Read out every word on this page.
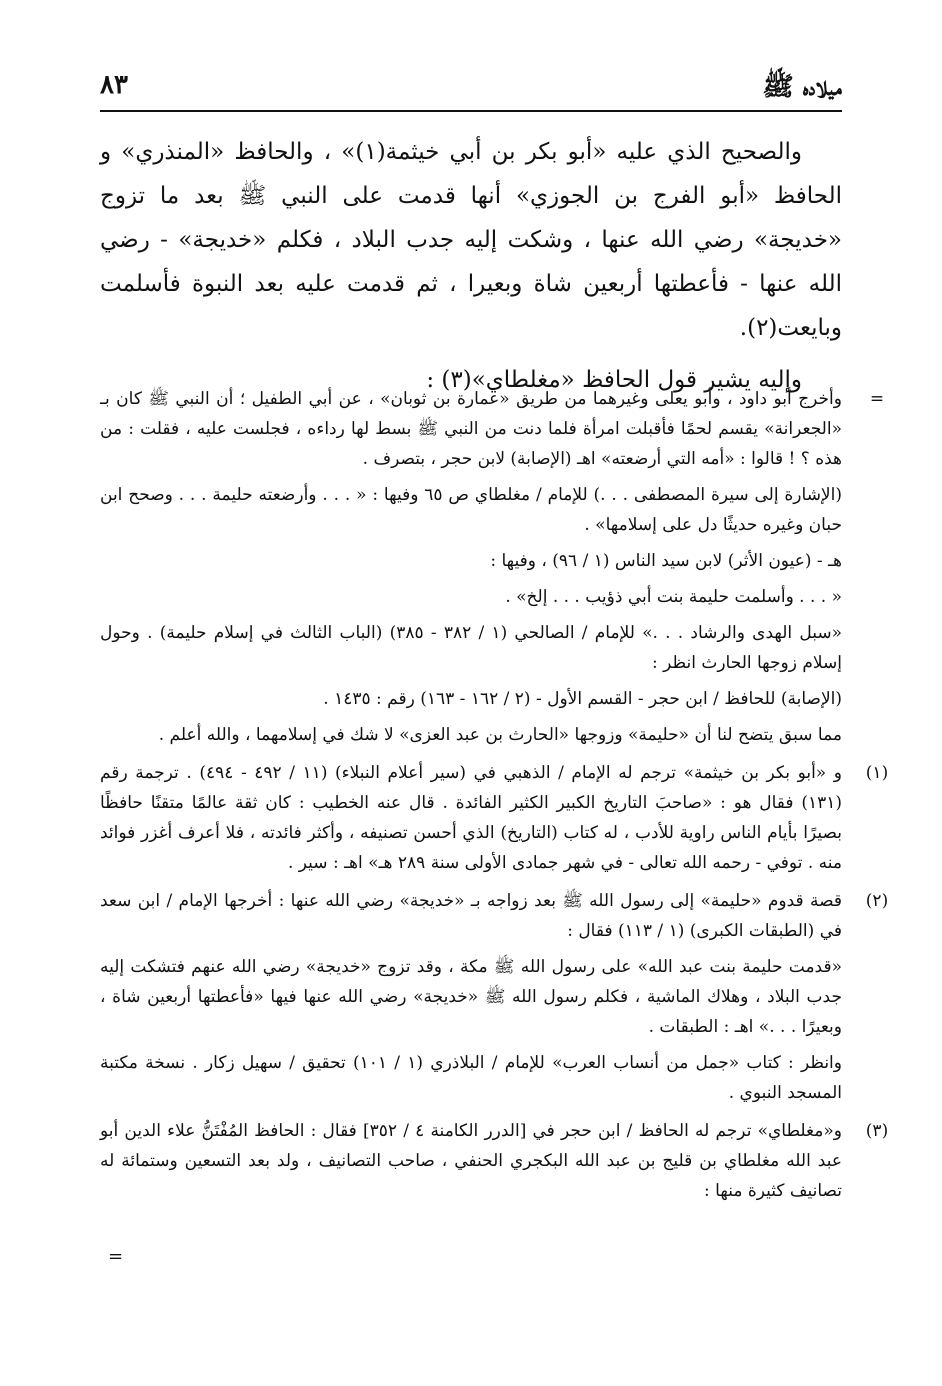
ميلاده ﷺ
٨٣

والصحيح الذي عليه «أبو بكر بن أبي خيثمة(١)» ، والحافظ «المنذري» و الحافظ «أبو الفرج بن الجوزي» أنها قدمت على النبي ﷺ بعد ما تزوج «خديجة» رضي الله عنها ، وشكت إليه جدب البلاد ، فكلم «خديجة» - رضي الله عنها - فأعطتها أربعين شاة وبعيرا ، ثم قدمت عليه بعد النبوة فأسلمت وبايعت(٢).

وإليه يشير قول الحافظ «مغلطاي»(٣) :

=

وأخرج أبو داود ، وأبو يعلى وغيرهما من طريق «عمارة بن ثوبان» ، عن أبي الطفيل ؛ أن النبي ﷺ كان بـ «الجعرانة» يقسم لحمًا فأقبلت امرأة فلما دنت من النبي ﷺ بسط لها رداءه ، فجلست عليه ، فقلت : من هذه ؟ ! قالوا : «أمه التي أرضعته» اهـ (الإصابة) لابن حجر ، بتصرف .

(الإشارة إلى سيرة المصطفى . . .) للإمام / مغلطاي ص ٦٥ وفيها : « . . . وأرضعته حليمة . . . وصحح ابن حبان وغيره حديثًا دل على إسلامها» .

هـ - (عيون الأثر) لابن سيد الناس (١ / ٩٦) ، وفيها :

« . . . وأسلمت حليمة بنت أبي ذؤيب . . . إلخ» .

«سبل الهدى والرشاد . . .» للإمام / الصالحي (١ / ٣٨٢ - ٣٨٥) (الباب الثالث في إسلام حليمة) . وحول إسلام زوجها الحارث انظر :

(الإصابة) للحافظ / ابن حجر - القسم الأول - (٢ / ١٦٢ - ١٦٣) رقم : ١٤٣٥ .

مما سبق يتضح لنا أن «حليمة» وزوجها «الحارث بن عبد العزى» لا شك في إسلامهما ، والله أعلم .

(١)

و «أبو بكر بن خيثمة» ترجم له الإمام / الذهبي في (سير أعلام النبلاء) (١١ / ٤٩٢ - ٤٩٤) . ترجمة رقم (١٣١) فقال هو : «صاحبَ التاريخ الكبير الكثير الفائدة . قال عنه الخطيب : كان ثقة عالمًا متقنًا حافظًا بصيرًا بأيام الناس راوية للأدب ، له كتاب (التاريخ) الذي أحسن تصنيفه ، وأكثر فائدته ، فلا أعرف أغزر فوائد منه . توفي - رحمه الله تعالى - في شهر جمادى الأولى سنة ٢٨٩ هـ» اهـ : سير .

(٢)

قصة قدوم «حليمة» إلى رسول الله ﷺ بعد زواجه بـ «خديجة» رضي الله عنها : أخرجها الإمام / ابن سعد في (الطبقات الكبرى) (١ / ١١٣) فقال :

«قدمت حليمة بنت عبد الله» على رسول الله ﷺ مكة ، وقد تزوج «خديجة» رضي الله عنهم فتشكت إليه جدب البلاد ، وهلاك الماشية ، فكلم رسول الله ﷺ «خديجة» رضي الله عنها فيها «فأعطتها أربعين شاة ، وبعيرًا . . .» اهـ : الطبقات .

وانظر : كتاب «جمل من أنساب العرب» للإمام / البلاذري (١ / ١٠١) تحقيق / سهيل زكار . نسخة مكتبة المسجد النبوي .

(٣)

و«مغلطاي» ترجم له الحافظ / ابن حجر في [الدرر الكامنة ٤ / ٣٥٢] فقال : الحافظ المُفْتَنُّ علاء الدين أبو عبد الله مغلطاي بن قليج بن عبد الله البكجري الحنفي ، صاحب التصانيف ، ولد بعد التسعين وستمائة له تصانيف كثيرة منها :

=
